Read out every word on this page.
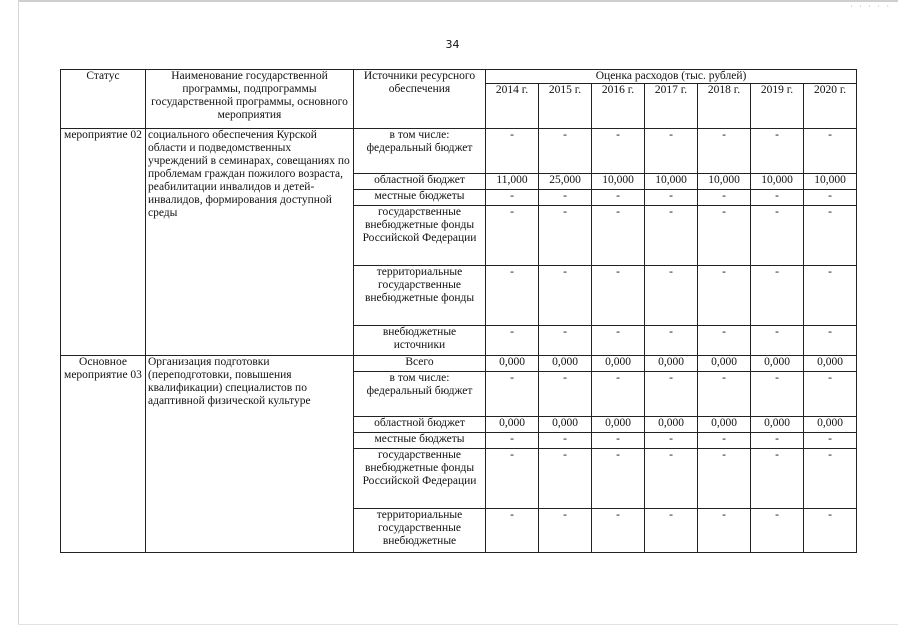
· · · · ·
34
Статус	Наименование государственной программы, подпрограммы государственной программы, основного мероприятия	Источники ресурсного обеспечения	Оценка расходов (тыс. рублей)						
			2014 г.	2015 г.	2016 г.	2017 г.	2018 г.	2019 г.	2020 г.
мероприятие 02	социального обеспечения Курской области и подведомственных учреждений в семинарах, совещаниях по проблемам граждан пожилого возраста, реабилитации инвалидов и детей-инвалидов, формирования доступной среды	в том числе: федеральный бюджет	-	-	-	-	-	-	-
		областной бюджет	11,000	25,000	10,000	10,000	10,000	10,000	10,000
		местные бюджеты	-	-	-	-	-	-	-
		государственные внебюджетные фонды Российской Федерации	-	-	-	-	-	-	-
		территориальные государственные внебюджетные фонды	-	-	-	-	-	-	-
		внебюджетные источники	-	-	-	-	-	-	-
Основное мероприятие 03	Организация подготовки (переподготовки, повышения квалификации) специалистов по адаптивной физической культуре	Всего	0,000	0,000	0,000	0,000	0,000	0,000	0,000
		в том числе: федеральный бюджет	-	-	-	-	-	-	-
		областной бюджет	0,000	0,000	0,000	0,000	0,000	0,000	0,000
		местные бюджеты	-	-	-	-	-	-	-
		государственные внебюджетные фонды Российской Федерации	-	-	-	-	-	-	-
		территориальные государственные внебюджетные	-	-	-	-	-	-	-
